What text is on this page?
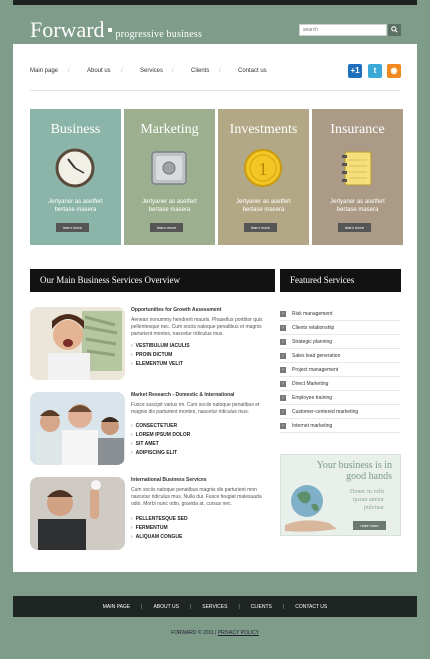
Forward progressive business
search
Main page	/	About us	/	Services	/	Clients	/	Contact us	+1	t	◉
Business
Jertyaner as asetfert
bertase masera
learn more
Marketing
Jertyaner as asetfert
bertase masera
learn more
Investments
1
Jertyaner as asetfert
bertase masera
learn more
Insurance
Jertyaner as asetfert
bertase masera
learn more
Our Main Business Services Overview	Featured Services
Opportunities for Growth Assessment
Aenean nonummy hendrerit mauris. Phasellus porttitor quis pellentesque nec. Cum sociis natoque penatibus et magnis parturient montes, nascetur ridiculus mus.
› VESTIBULUM IACULIS
› PROIN DICTUM
› ELEMENTUM VELIT
Market Research - Domestic & International
Fusce suscipit varius mi. Cum sociis natoque penatibus et magnis dis parturient montes, nascetur ridiculus mus.
› CONSECTETUER
› LOREM IPSUM DOLOR
› SIT AMET
› ADIPISCING ELIT
International Business Services
Cum sociis natoque penatibus magnis dis parturient mon nascetur ridiculus mus. Nulla dui. Fusce feugiat malesuada odio. Morbi nunc odio, gravida at, cursus nec.
› PELLENTESQUE SED
› FERMENTUM
› ALIQUAM CONGUE
› Risk management
› Clients relationship
› Strategic planning
› Sales lead generation
› Project management
› Direct Marketing
› Employee training
› Customer-centered marketing
› Internet marketing
Your business is in good hands
Donec in velit ipsum auctor pulvinar
read more
MAIN PAGE | ABOUT US | SERVICES | CLIENTS | CONTACT US
FORWARD © 2011 | PRIVACY POLICY
